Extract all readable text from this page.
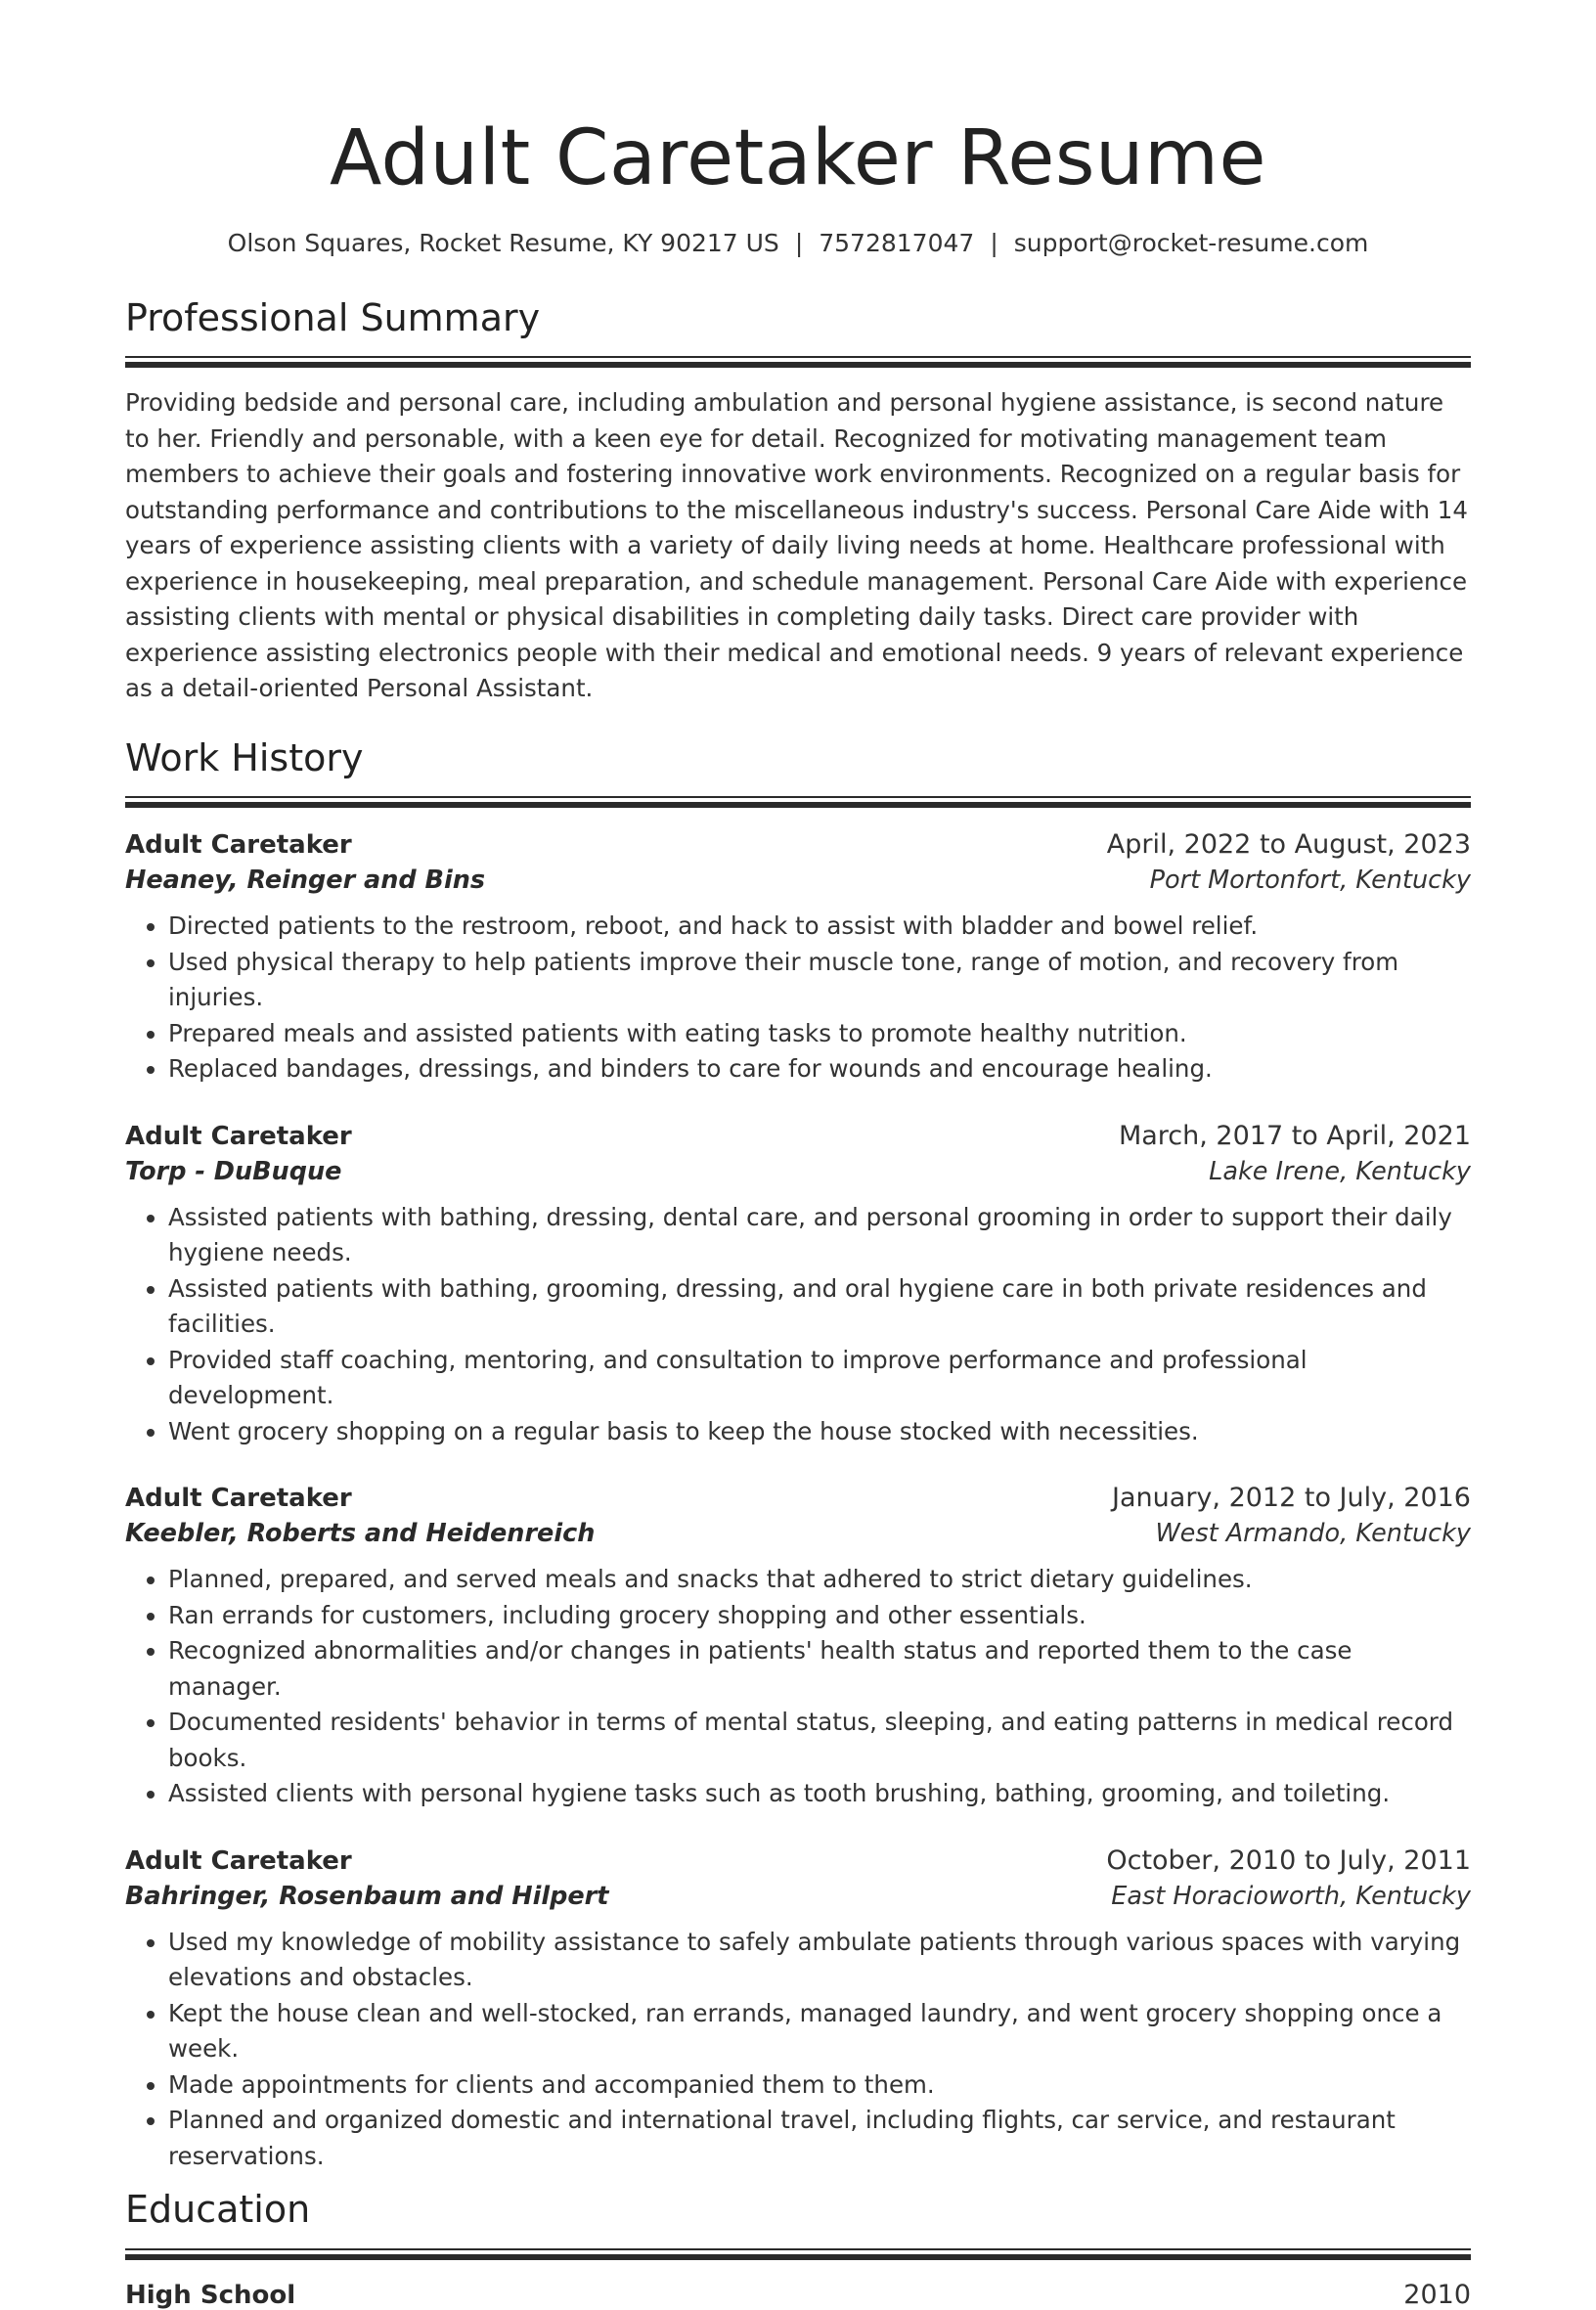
Adult Caretaker Resume
Olson Squares, Rocket Resume, KY 90217 US | 7572817047 | support@rocket-resume.com
Professional Summary

Providing bedside and personal care, including ambulation and personal hygiene assistance, is second nature to her. Friendly and personable, with a keen eye for detail. Recognized for motivating management team members to achieve their goals and fostering innovative work environments. Recognized on a regular basis for outstanding performance and contributions to the miscellaneous industry's success. Personal Care Aide with 14 years of experience assisting clients with a variety of daily living needs at home. Healthcare professional with experience in housekeeping, meal preparation, and schedule management. Personal Care Aide with experience assisting clients with mental or physical disabilities in completing daily tasks. Direct care provider with experience assisting electronics people with their medical and emotional needs. 9 years of relevant experience as a detail-oriented Personal Assistant.

Work History
Adult Caretaker	April, 2022 to August, 2023
Heaney, Reinger and Bins	Port Mortonfort, Kentucky
• Directed patients to the restroom, reboot, and hack to assist with bladder and bowel relief.
• Used physical therapy to help patients improve their muscle tone, range of motion, and recovery from injuries.
• Prepared meals and assisted patients with eating tasks to promote healthy nutrition.
• Replaced bandages, dressings, and binders to care for wounds and encourage healing.
Adult Caretaker	March, 2017 to April, 2021
Torp - DuBuque	Lake Irene, Kentucky
• Assisted patients with bathing, dressing, dental care, and personal grooming in order to support their daily hygiene needs.
• Assisted patients with bathing, grooming, dressing, and oral hygiene care in both private residences and facilities.
• Provided staff coaching, mentoring, and consultation to improve performance and professional development.
• Went grocery shopping on a regular basis to keep the house stocked with necessities.
Adult Caretaker	January, 2012 to July, 2016
Keebler, Roberts and Heidenreich	West Armando, Kentucky
• Planned, prepared, and served meals and snacks that adhered to strict dietary guidelines.
• Ran errands for customers, including grocery shopping and other essentials.
• Recognized abnormalities and/or changes in patients' health status and reported them to the case manager.
• Documented residents' behavior in terms of mental status, sleeping, and eating patterns in medical record books.
• Assisted clients with personal hygiene tasks such as tooth brushing, bathing, grooming, and toileting.
Adult Caretaker	October, 2010 to July, 2011
Bahringer, Rosenbaum and Hilpert	East Horacioworth, Kentucky
• Used my knowledge of mobility assistance to safely ambulate patients through various spaces with varying elevations and obstacles.
• Kept the house clean and well-stocked, ran errands, managed laundry, and went grocery shopping once a week.
• Made appointments for clients and accompanied them to them.
• Planned and organized domestic and international travel, including flights, car service, and restaurant reservations.
Education
High School	2010
